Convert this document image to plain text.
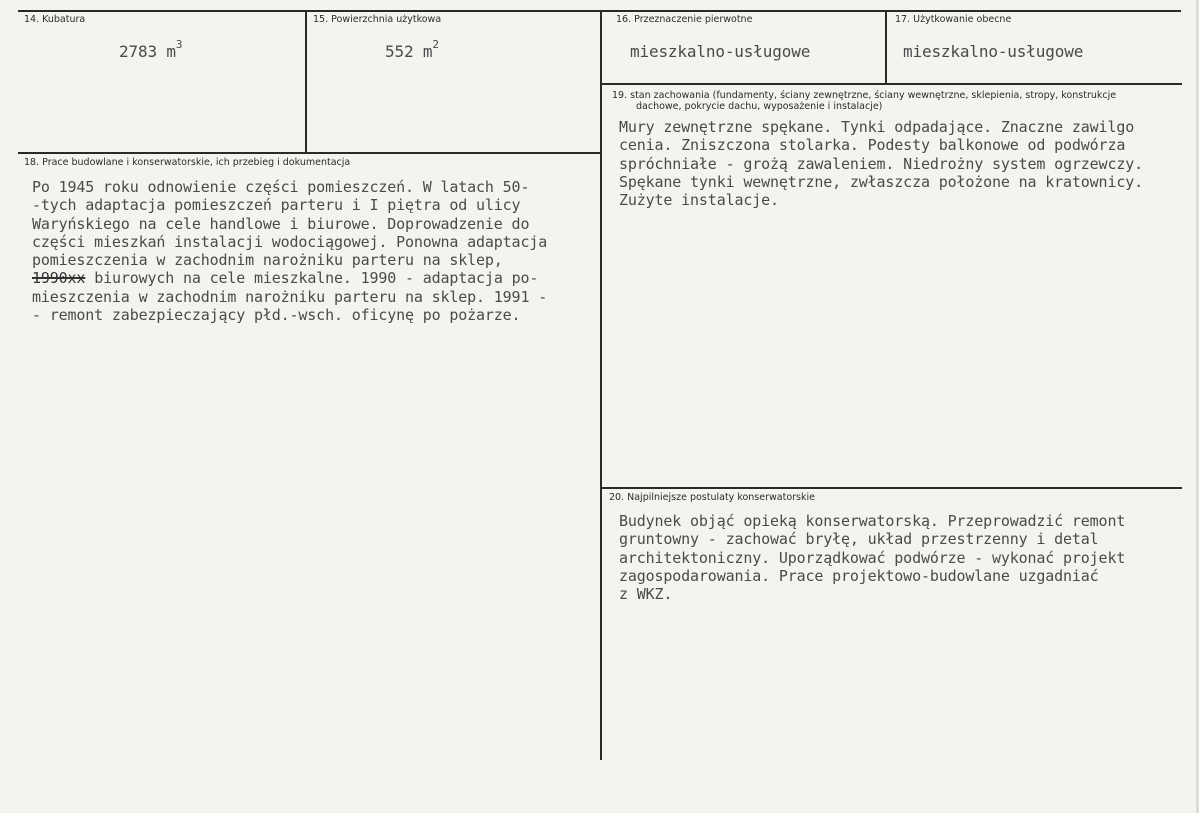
14. Kubatura
2783 $m^3$
15. Powierzchnia użytkowa
552 $m^2$
16. Przeznaczenie pierwotne
mieszkalno-usługowe
17. Użytkowanie obecne
mieszkalno-usługowe
19. stan zachowania (fundamenty, ściany zewnętrzne, ściany wewnętrzne, sklepienia, stropy, konstrukcje dachowe, pokrycie dachu, wyposażenie i instalacje)
Mury zewnętrzne spękane. Tynki odpadające. Znaczne zawilgo
cenia. Zniszczona stolarka. Podesty balkonowe od podwórza
spróchniałe - grożą zawaleniem. Niedrożny system ogrzewczy.
Spękane tynki wewnętrzne, zwłaszcza położone na kratownicy.
Zużyte instalacje.
18. Prace budowlane i konserwatorskie, ich przebieg i dokumentacja
Po 1945 roku odnowienie części pomieszczeń. W latach 50-
-tych adaptacja pomieszczeń parteru i I piętra od ulicy
Waryńskiego na cele handlowe i biurowe. Doprowadzenie do
części mieszkań instalacji wodociągowej. Ponowna adaptacja
pomieszczenia w zachodnim narożniku parteru na sklep,
1990xx biurowych na cele mieszkalne. 1990 - adaptacja po-
mieszczenia w zachodnim narożniku parteru na sklep. 1991 -
- remont zabezpieczający płd.-wsch. oficynę po pożarze.
20. Najpilniejsze postulaty konserwatorskie
Budynek objąć opieką konserwatorską. Przeprowadzić remont
gruntowny - zachować bryłę, układ przestrzenny i detal
architektoniczny. Uporządkować podwórze - wykonać projekt
zagospodarowania. Prace projektowo-budowlane uzgadniać
z WKZ.
